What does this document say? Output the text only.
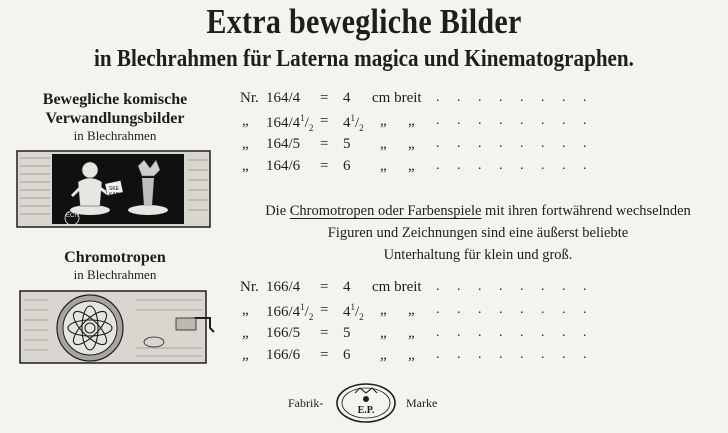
Extra bewegliche Bilder
in Blechrahmen für Laterna magica und Kinematographen.
Bewegliche komische
Verwandlungsbilder
in Blechrahmen
ECH
SKE
KAP
Chromotropen
in Blechrahmen
Nr. 164/4 = 4 cm breit . . . . . . . .
„ $164/4^1/_2 = 4^1/_2$ „ „ . . . . . . . .
„ 164/5 = 5 „ „ . . . . . . . .
„ 164/6 = 6 „ „ . . . . . . . .
Die Chromotropen oder Farbenspiele mit ihren fortwährend wechselnden
Figuren und Zeichnungen sind eine äußerst beliebte
Unterhaltung für klein und groß.
Nr. 166/4 = 4 cm breit . . . . . . . .
„ $166/4^1/_2 = 4^1/_2$ „ „ . . . . . . . .
„ 166/5 = 5 „ „ . . . . . . . .
„ 166/6 = 6 „ „ . . . . . . . .
Fabrik-
E.P.
Marke
